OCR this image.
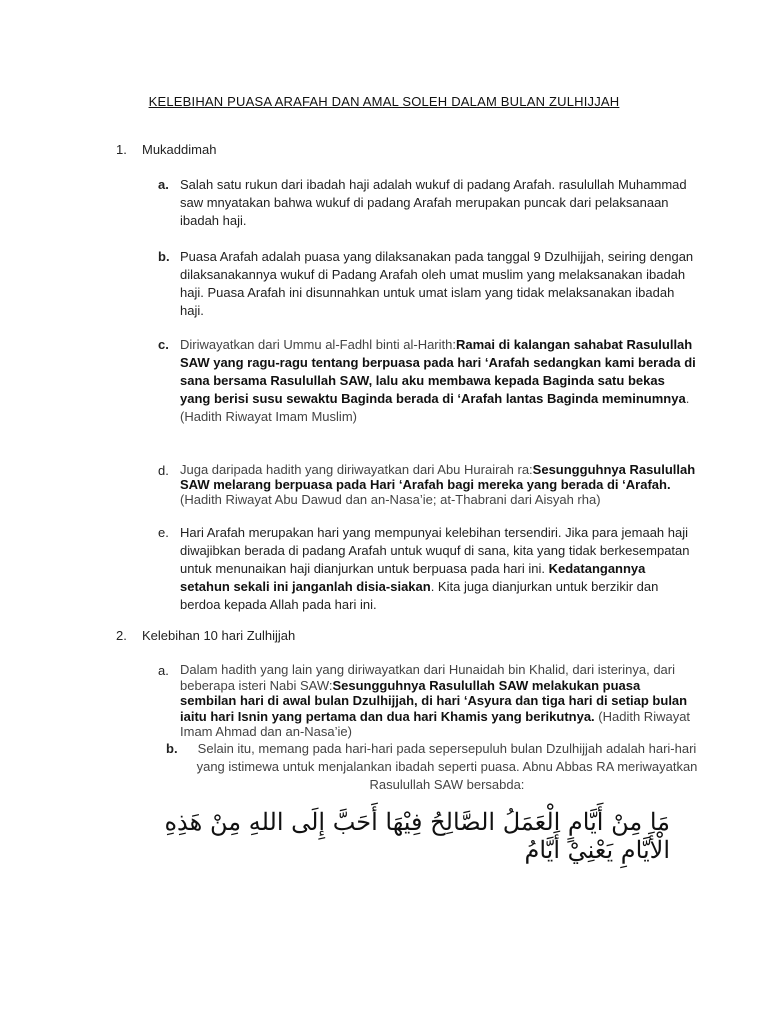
KELEBIHAN PUASA ARAFAH DAN AMAL SOLEH DALAM BULAN ZULHIJJAH
1. Mukaddimah
a. Salah satu rukun dari ibadah haji adalah wukuf di padang Arafah. rasulullah Muhammad saw mnyatakan bahwa wukuf di padang Arafah merupakan puncak dari pelaksanaan ibadah haji.
b. Puasa Arafah adalah puasa yang dilaksanakan pada tanggal 9 Dzulhijjah, seiring dengan dilaksanakannya wukuf di Padang Arafah oleh umat muslim yang melaksanakan ibadah haji. Puasa Arafah ini disunnahkan untuk umat islam yang tidak melaksanakan ibadah haji.
c. Diriwayatkan dari Ummu al-Fadhl binti al-Harith:Ramai di kalangan sahabat Rasulullah SAW yang ragu-ragu tentang berpuasa pada hari ‘Arafah sedangkan kami berada di sana bersama Rasulullah SAW, lalu aku membawa kepada Baginda satu bekas yang berisi susu sewaktu Baginda berada di ‘Arafah lantas Baginda meminumnya. (Hadith Riwayat Imam Muslim)
d. Juga daripada hadith yang diriwayatkan dari Abu Hurairah ra:Sesungguhnya Rasulullah SAW melarang berpuasa pada Hari ‘Arafah bagi mereka yang berada di ‘Arafah. (Hadith Riwayat Abu Dawud dan an-Nasa’ie; at-Thabrani dari Aisyah rha)
e. Hari Arafah merupakan hari yang mempunyai kelebihan tersendiri. Jika para jemaah haji diwajibkan berada di padang Arafah untuk wuquf di sana, kita yang tidak berkesempatan untuk menunaikan haji dianjurkan untuk berpuasa pada hari ini. Kedatangannya setahun sekali ini janganlah disia-siakan. Kita juga dianjurkan untuk berzikir dan berdoa kepada Allah pada hari ini.
2. Kelebihan 10 hari Zulhijjah
a. Dalam hadith yang lain yang diriwayatkan dari Hunaidah bin Khalid, dari isterinya, dari beberapa isteri Nabi SAW:Sesungguhnya Rasulullah SAW melakukan puasa sembilan hari di awal bulan Dzulhijjah, di hari ‘Asyura dan tiga hari di setiap bulan iaitu hari Isnin yang pertama dan dua hari Khamis yang berikutnya. (Hadith Riwayat Imam Ahmad dan an-Nasa’ie)
b.	Selain itu, memang pada hari-hari pada sepersepuluh bulan Dzulhijjah adalah hari-hari yang istimewa untuk menjalankan ibadah seperti puasa. Abnu Abbas RA meriwayatkan Rasulullah SAW bersabda:
مَا مِنْ أَيَّامٍ الْعَمَلُ الصَّالِحُ فِيْهَا أَحَبَّ إِلَى اللهِ مِنْ هَذِهِ الْأَيَّامِ يَعْنِيْ أَيَّامُ
